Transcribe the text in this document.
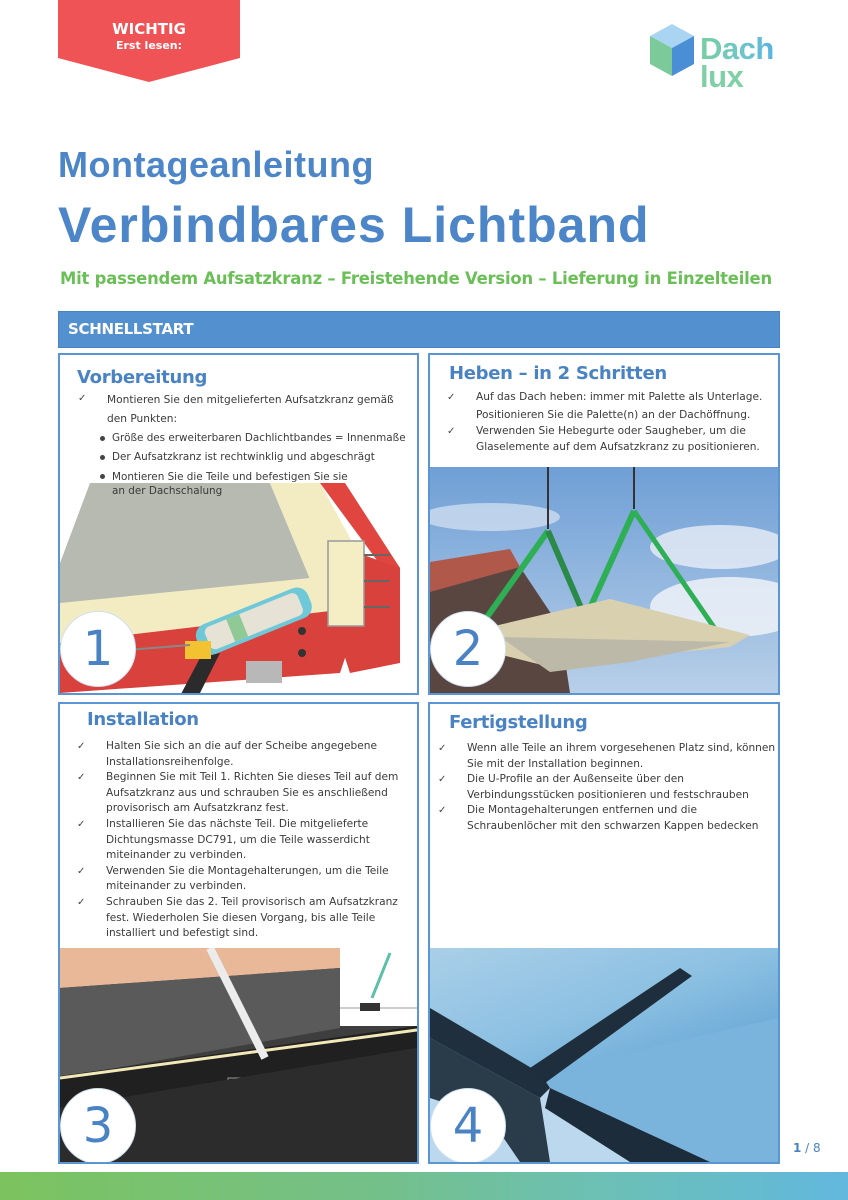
WICHTIG
Erst lesen:	Dach
lux
Montageanleitung
Verbindbares Lichtband
Mit passendem Aufsatzkranz – Freistehende Version – Lieferung in Einzelteilen
SCHNELLSTART
Vorbereitung
✓ Montieren Sie den mitgelieferten Aufsatzkranz gemäß den Punkten:
Größe des erweiterbaren Dachlichtbandes = Innenmaße
Der Aufsatzkranz ist rechtwinklig und abgeschrägt
Montieren Sie die Teile und befestigen Sie sie an der Dachschalung
1
Heben – in 2 Schritten
✓ Auf das Dach heben: immer mit Palette als Unterlage. Positionieren Sie die Palette(n) an der Dachöffnung.
✓ Verwenden Sie Hebegurte oder Saugheber, um die Glaselemente auf dem Aufsatzkranz zu positionieren.
2
Installation
✓ Halten Sie sich an die auf der Scheibe angegebene Installationsreihenfolge.
✓ Beginnen Sie mit Teil 1. Richten Sie dieses Teil auf dem Aufsatzkranz aus und schrauben Sie es anschließend provisorisch am Aufsatzkranz fest.
✓ Installieren Sie das nächste Teil. Die mitgelieferte Dichtungsmasse DC791, um die Teile wasserdicht miteinander zu verbinden.
✓ Verwenden Sie die Montagehalterungen, um die Teile miteinander zu verbinden.
✓ Schrauben Sie das 2. Teil provisorisch am Aufsatzkranz fest. Wiederholen Sie diesen Vorgang, bis alle Teile installiert und befestigt sind.
3
Fertigstellung
✓ Wenn alle Teile an ihrem vorgesehenen Platz sind, können Sie mit der Installation beginnen.
✓ Die U-Profile an der Außenseite über den Verbindungsstücken positionieren und festschrauben
✓ Die Montagehalterungen entfernen und die Schraubenlöcher mit den schwarzen Kappen bedecken
4	1 / 8
